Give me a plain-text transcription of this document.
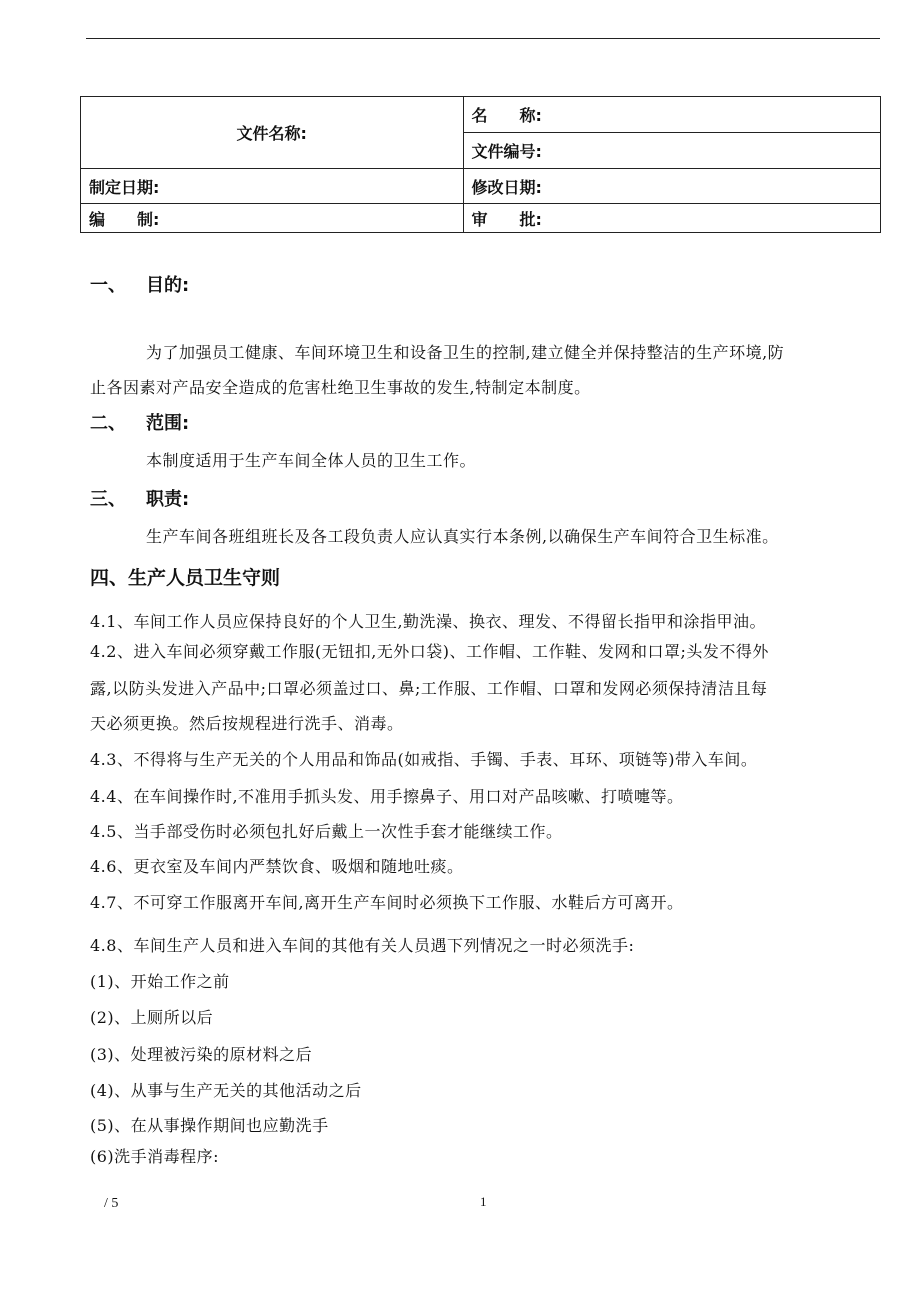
文件名称:	名　　称:
	文件编号:
制定日期:	修改日期:
编　　制:	审　　批:
一、 目的:
为了加强员工健康、车间环境卫生和设备卫生的控制,建立健全并保持整洁的生产环境,防
止各因素对产品安全造成的危害杜绝卫生事故的发生,特制定本制度。
二、 范围:
本制度适用于生产车间全体人员的卫生工作。
三、 职责:
生产车间各班组班长及各工段负责人应认真实行本条例,以确保生产车间符合卫生标准。
四、生产人员卫生守则
4.1、车间工作人员应保持良好的个人卫生,勤洗澡、换衣、理发、不得留长指甲和涂指甲油。
4.2、进入车间必须穿戴工作服(无钮扣,无外口袋)、工作帽、工作鞋、发网和口罩;头发不得外
露,以防头发进入产品中;口罩必须盖过口、鼻;工作服、工作帽、口罩和发网必须保持清洁且每
天必须更换。然后按规程进行洗手、消毒。
4.3、不得将与生产无关的个人用品和饰品(如戒指、手镯、手表、耳环、项链等)带入车间。
4.4、在车间操作时,不准用手抓头发、用手擦鼻子、用口对产品咳嗽、打喷嚏等。
4.5、当手部受伤时必须包扎好后戴上一次性手套才能继续工作。
4.6、更衣室及车间内严禁饮食、吸烟和随地吐痰。
4.7、不可穿工作服离开车间,离开生产车间时必须换下工作服、水鞋后方可离开。
4.8、车间生产人员和进入车间的其他有关人员遇下列情况之一时必须洗手:
(1)、开始工作之前
(2)、上厕所以后
(3)、处理被污染的原材料之后
(4)、从事与生产无关的其他活动之后
(5)、在从事操作期间也应勤洗手
(6)洗手消毒程序:
/ 5	1
